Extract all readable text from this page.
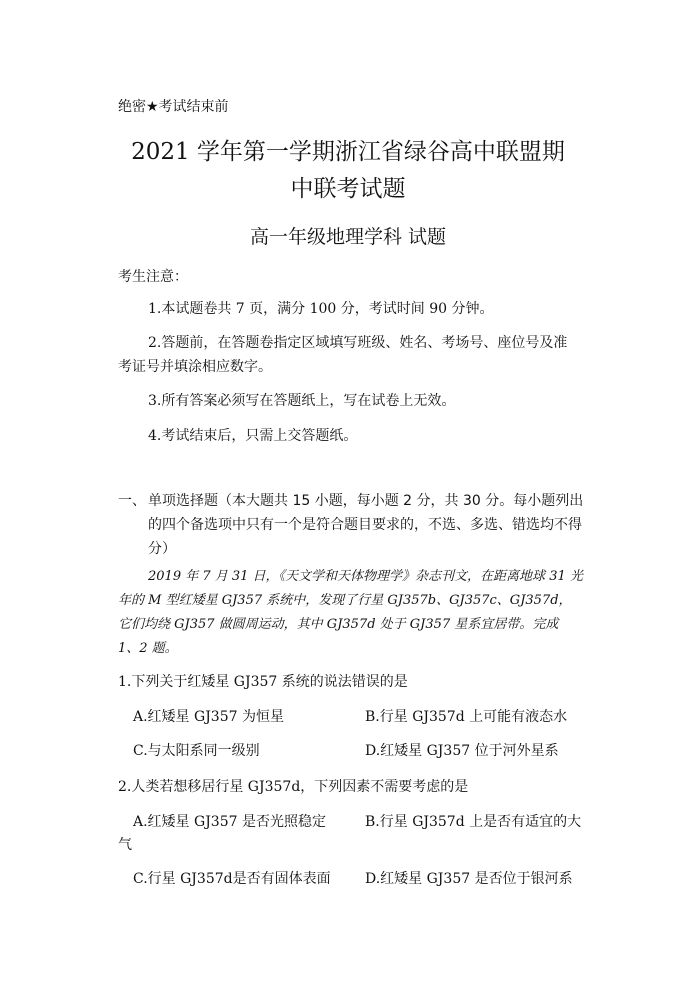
绝密★考试结束前
2021 学年第一学期浙江省绿谷高中联盟期
中联考试题
高一年级地理学科 试题
考生注意：
1.本试题卷共 7 页，满分 100 分，考试时间 90 分钟。
2.答题前，在答题卷指定区域填写班级、姓名、考场号、座位号及准考证号并填涂相应数字。
3.所有答案必须写在答题纸上，写在试卷上无效。
4.考试结束后，只需上交答题纸。
一、 单项选择题（本大题共 15 小题，每小题 2 分，共 30 分。每小题列出的四个备选项中只有一个是符合题目要求的，不选、多选、错选均不得分）
2019 年 7 月 31 日，《天文学和天体物理学》杂志刊文，在距离地球 31 光年的 M 型红矮星 GJ357 系统中，发现了行星 GJ357b、GJ357c、GJ357d，它们均绕 GJ357 做圆周运动，其中 GJ357d 处于 GJ357 星系宜居带。完成 1、2 题。
1.下列关于红矮星 GJ357 系统的说法错误的是
A.红矮星 GJ357 为恒星	B.行星 GJ357d 上可能有液态水
C.与太阳系同一级别	D.红矮星 GJ357 位于河外星系
2.人类若想移居行星 GJ357d，下列因素不需要考虑的是
A.红矮星 GJ357 是否光照稳定	B.行星 GJ357d 上是否有适宜的大
气
C.行星 GJ357d是否有固体表面 D.红矮星 GJ357 是否位于银河系
